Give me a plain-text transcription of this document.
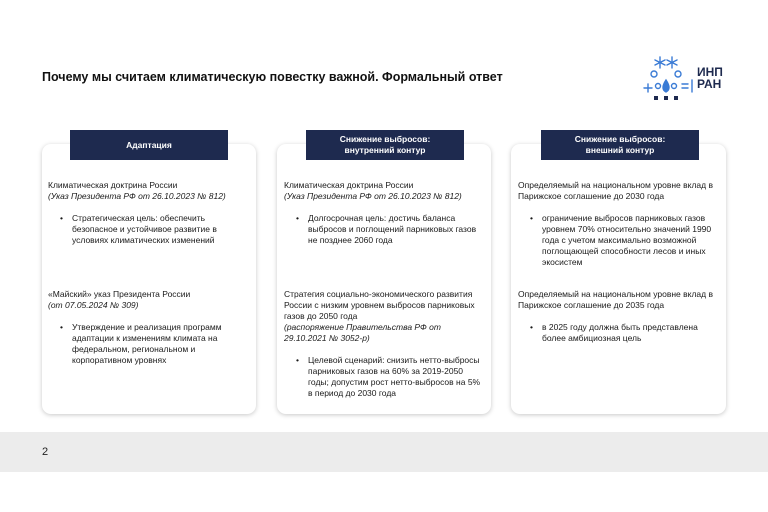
Почему мы считаем климатическую повестку важной. Формальный ответ	ИНП
РАН
Адаптация
Климатическая доктрина России
(Указ Президента РФ от 26.10.2023 № 812)
• Стратегическая цель: обеспечить безопасное и устойчивое развитие в условиях климатических изменений
«Майский» указ Президента России
(от 07.05.2024 № 309)
• Утверждение и реализация программ адаптации к изменениям климата на федеральном, региональном и корпоративном уровнях
Снижение выбросов:
внутренний контур
Климатическая доктрина России
(Указ Президента РФ от 26.10.2023 № 812)
• Долгосрочная цель: достичь баланса выбросов и поглощений парниковых газов не позднее 2060 года
Стратегия социально-экономического развития России с низким уровнем выбросов парниковых газов до 2050 года
(распоряжение Правительства РФ от 29.10.2021 № 3052-р)
• Целевой сценарий: снизить нетто-выбросы парниковых газов на 60% за 2019-2050 годы; допустим рост нетто-выбросов на 5% в период до 2030 года
Снижение выбросов:
внешний контур
Определяемый на национальном уровне вклад в Парижское соглашение до 2030 года
• ограничение выбросов парниковых газов уровнем 70% относительно значений 1990 года с учетом максимально возможной поглощающей способности лесов и иных экосистем
Определяемый на национальном уровне вклад в Парижское соглашение до 2035 года
• в 2025 году должна быть представлена более амбициозная цель
2
